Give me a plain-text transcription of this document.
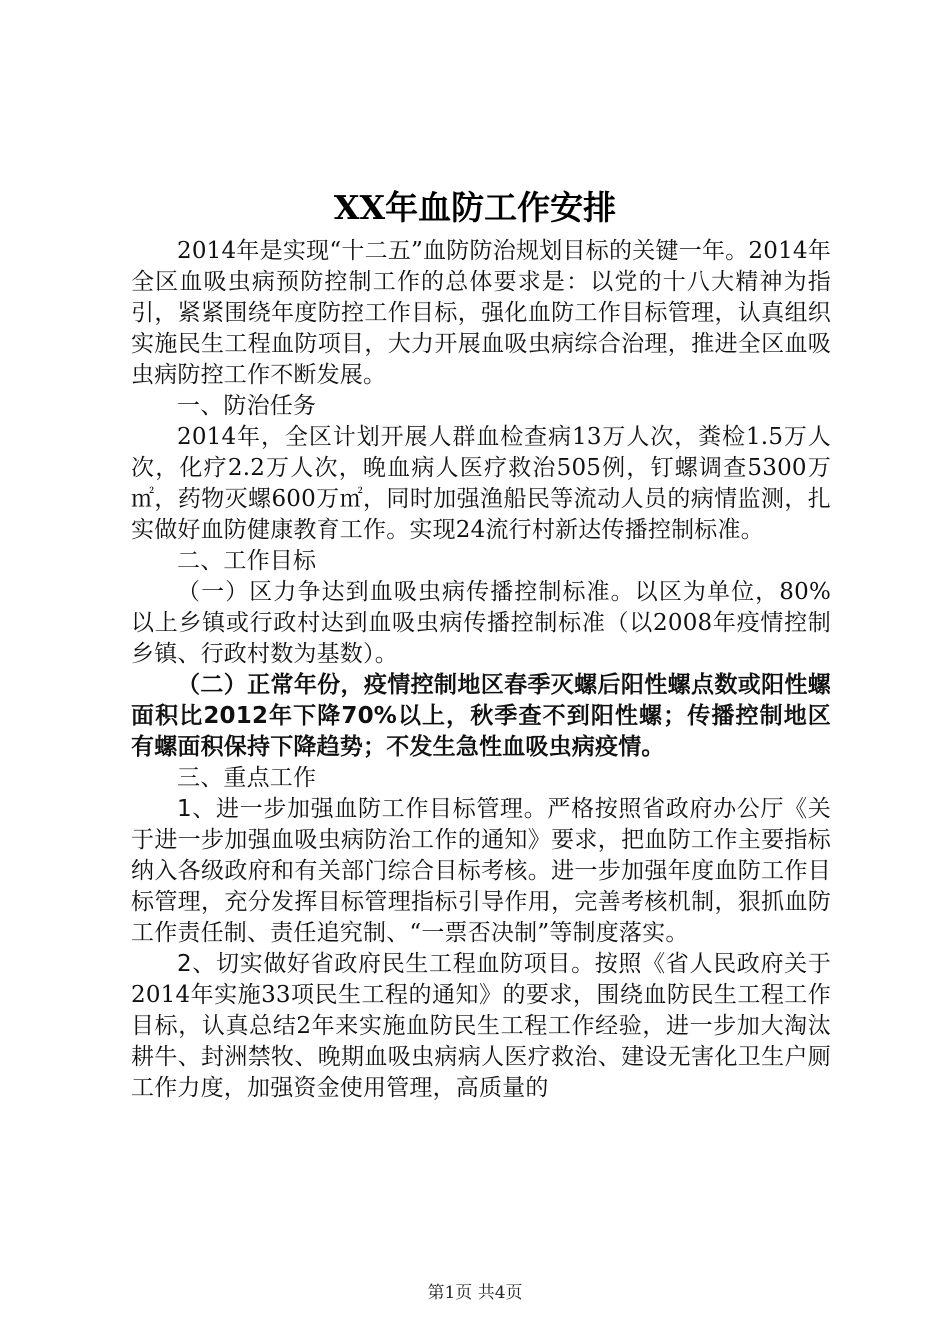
XX年血防工作安排

2014年是实现“十二五”血防防治规划目标的关键一年。2014年全区血吸虫病预防控制工作的总体要求是：以党的十八大精神为指引，紧紧围绕年度防控工作目标，强化血防工作目标管理，认真组织实施民生工程血防项目，大力开展血吸虫病综合治理，推进全区血吸虫病防控工作不断发展。

一、防治任务

2014年，全区计划开展人群血检查病13万人次，粪检1.5万人次，化疗2.2万人次，晚血病人医疗救治505例，钉螺调查5300万㎡，药物灭螺600万㎡，同时加强渔船民等流动人员的病情监测，扎实做好血防健康教育工作。实现24流行村新达传播控制标准。

二、工作目标

（一）区力争达到血吸虫病传播控制标准。以区为单位，80%以上乡镇或行政村达到血吸虫病传播控制标准（以2008年疫情控制乡镇、行政村数为基数）。

（二）正常年份，疫情控制地区春季灭螺后阳性螺点数或阳性螺面积比2012年下降70%以上，秋季查不到阳性螺；传播控制地区有螺面积保持下降趋势；不发生急性血吸虫病疫情。

三、重点工作

1、进一步加强血防工作目标管理。严格按照省政府办公厅《关于进一步加强血吸虫病防治工作的通知》要求，把血防工作主要指标纳入各级政府和有关部门综合目标考核。进一步加强年度血防工作目标管理，充分发挥目标管理指标引导作用，完善考核机制，狠抓血防工作责任制、责任追究制、“一票否决制”等制度落实。

2、切实做好省政府民生工程血防项目。按照《省人民政府关于2014年实施33项民生工程的通知》的要求，围绕血防民生工程工作目标，认真总结2年来实施血防民生工程工作经验，进一步加大淘汰耕牛、封洲禁牧、晚期血吸虫病病人医疗救治、建设无害化卫生户厕工作力度，加强资金使用管理，高质量的

第1页 共4页
